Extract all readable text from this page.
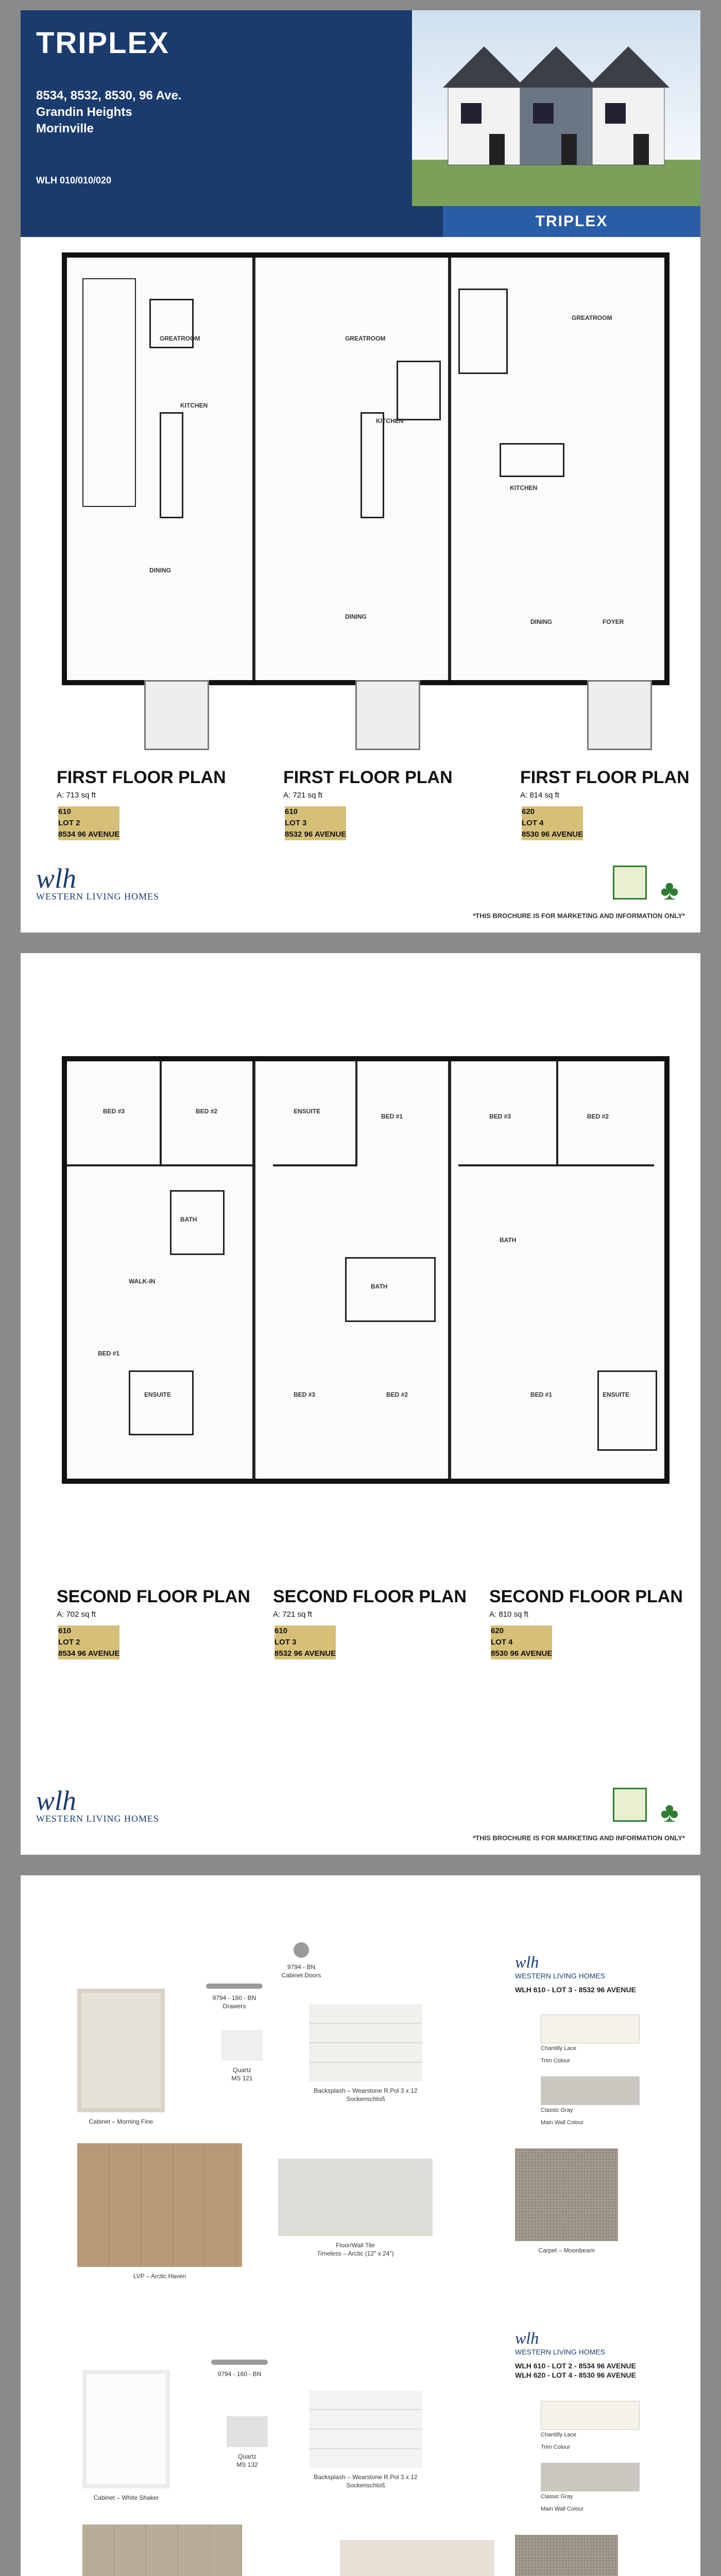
TRIPLEX
8534, 8532, 8530, 96 Ave.
Grandin Heights
Morinville
WLH 010/010/020
TRIPLEX
GREATROOM
KITCHEN
DINING
GREATROOM
KITCHEN
DINING
GREATROOM
KITCHEN
DINING	FOYER
FIRST FLOOR PLAN
A: 713 sq ft
610
LOT 2
8534 96 AVENUE
FIRST FLOOR PLAN
A: 721 sq ft
610
LOT 3
8532 96 AVENUE
FIRST FLOOR PLAN
A: 814 sq ft
620
LOT 4
8530 96 AVENUE
wlh
WESTERN LIVING HOMES	♣
*THIS BROCHURE IS FOR MARKETING AND INFORMATION ONLY*
BED #3	BED #2
BATH
WALK-IN
ENSUITE
BED #1
ENSUITE
BED #1
BATH
BED #3	BED #2
BED #3	BED #2
BATH
BED #1	ENSUITE
SECOND FLOOR PLAN
A: 702 sq ft
610
LOT 2
8534 96 AVENUE
SECOND FLOOR PLAN
A: 721 sq ft
610
LOT 3
8532 96 AVENUE
SECOND FLOOR PLAN
A: 810 sq ft
620
LOT 4
8530 96 AVENUE
wlh
WESTERN LIVING HOMES	♣
*THIS BROCHURE IS FOR MARKETING AND INFORMATION ONLY*
Cabinet – Morning Fine
9794 - 160 - BN
Drawers
9794 - BN
Cabinet Doors
Quartz
MS 121
Backsplash – Wearstone R.Pol 3 x 12 Sockenschloß
LVP – Arctic Haven
Floor/Wall Tile
Timeless – Arctic (12" x 24")
wlh
WESTERN LIVING HOMES
WLH 610 - LOT 3 - 8532 96 AVENUE
Chantilly Lace
Trim Colour
Classic Gray
Main Wall Colour
Carpet – Moonbeam
Cabinet – White Shaker
9794 - 160 - BN
Quartz
MS 132
Backsplash – Wearstone R.Pol 3 x 12 Sockenschloß
wlh
WESTERN LIVING HOMES
WLH 610 - LOT 2 - 8534 96 AVENUE
WLH 620 - LOT 4 - 8530 96 AVENUE
Chantilly Lace
Trim Colour
Classic Gray
Main Wall Colour
